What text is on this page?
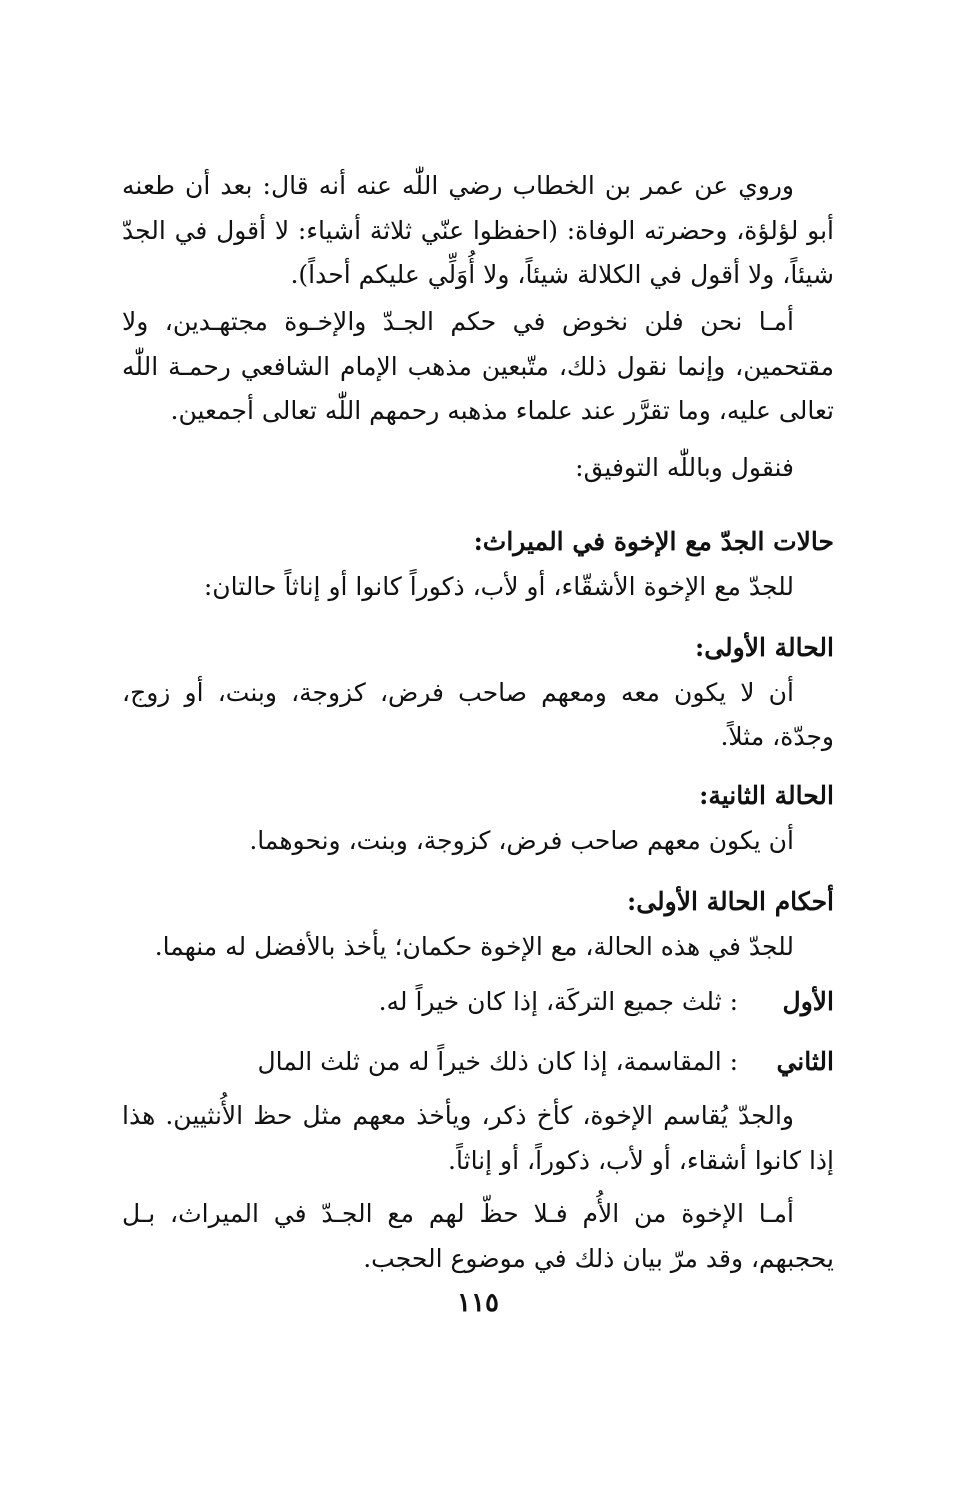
وروي عن عمر بن الخطاب رضي اللّٰه عنه أنه قال: بعد أن طعنه أبو لؤلؤة، وحضرته الوفاة: (احفظوا عنّي ثلاثة أشياء: لا أقول في الجدّ شيئاً، ولا أقول في الكلالة شيئاً، ولا أُوَلِّي عليكم أحداً).

أمـا نحن فلن نخوض في حكم الجـدّ والإخـوة مجتهـدين، ولا مقتحمين، وإنما نقول ذلك، متّبعين مذهب الإمام الشافعي رحمـة اللّٰه تعالى عليه، وما تقرَّر عند علماء مذهبه رحمهم اللّٰه تعالى أجمعين.

فنقول وباللّٰه التوفيق:

حالات الجدّ مع الإخوة في الميراث:

للجدّ مع الإخوة الأشقّاء، أو لأب، ذكوراً كانوا أو إناثاً حالتان:

الحالة الأولى:

أن لا يكون معه ومعهم صاحب فرض، كزوجة، وبنت، أو زوج، وجدّة، مثلاً.

الحالة الثانية:

أن يكون معهم صاحب فرض، كزوجة، وبنت، ونحوهما.

أحكام الحالة الأولى:

للجدّ في هذه الحالة، مع الإخوة حكمان؛ يأخذ بالأفضل له منهما.

الأول : ثلث جميع التركَة، إذا كان خيراً له.
الثاني : المقاسمة، إذا كان ذلك خيراً له من ثلث المال

والجدّ يُقاسم الإخوة، كأخ ذكر، ويأخذ معهم مثل حظ الأُنثيين. هذا إذا كانوا أشقاء، أو لأب، ذكوراً، أو إناثاً.

أمـا الإخوة من الأُم فـلا حظّ لهم مع الجـدّ في الميراث، بـل يحجبهم، وقد مرّ بيان ذلك في موضوع الحجب.

١١٥
